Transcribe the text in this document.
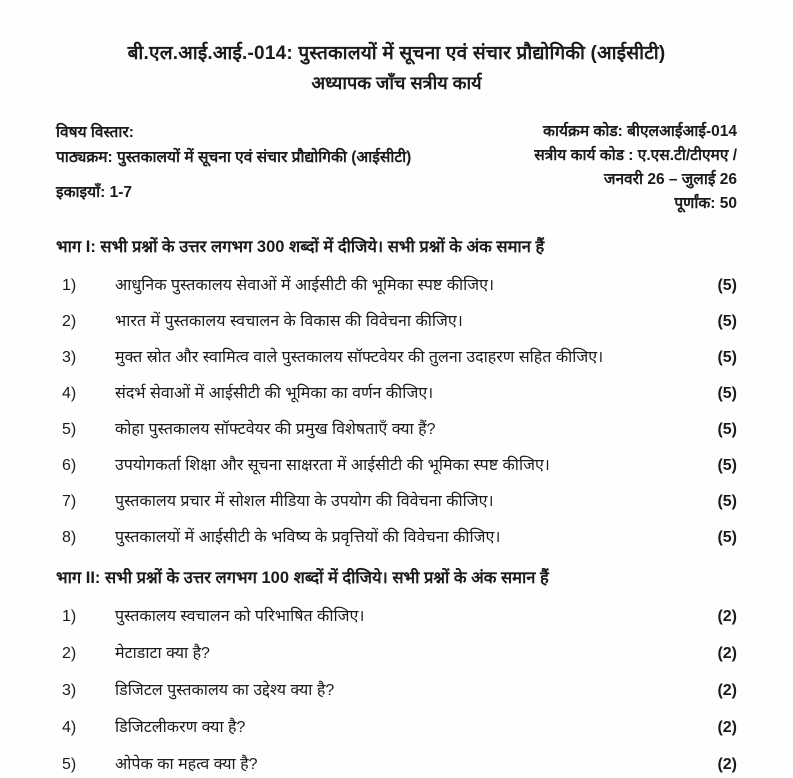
बी.एल.आई.आई.-014: पुस्तकालयों में सूचना एवं संचार प्रौद्योगिकी (आईसीटी)
अध्यापक जाँच सत्रीय कार्य
विषय विस्तार:
पाठ्यक्रम: पुस्तकालयों में सूचना एवं संचार प्रौद्योगिकी (आईसीटी)
इकाइयाँ: 1-7
कार्यक्रम कोड: बीएलआईआई-014
सत्रीय कार्य कोड : ए.एस.टी/टीएमए /
जनवरी 26 – जुलाई 26
पूर्णांक: 50
भाग I: सभी प्रश्नों के उत्तर लगभग 300 शब्दों में दीजिये। सभी प्रश्नों के अंक समान हैं
1)	आधुनिक पुस्तकालय सेवाओं में आईसीटी की भूमिका स्पष्ट कीजिए।	(5)
2)	भारत में पुस्तकालय स्वचालन के विकास की विवेचना कीजिए।	(5)
3)	मुक्त स्रोत और स्वामित्व वाले पुस्तकालय सॉफ्टवेयर की तुलना उदाहरण सहित कीजिए।	(5)
4)	संदर्भ सेवाओं में आईसीटी की भूमिका का वर्णन कीजिए।	(5)
5)	कोहा पुस्तकालय सॉफ्टवेयर की प्रमुख विशेषताएँ क्या हैं?	(5)
6)	उपयोगकर्ता शिक्षा और सूचना साक्षरता में आईसीटी की भूमिका स्पष्ट कीजिए।	(5)
7)	पुस्तकालय प्रचार में सोशल मीडिया के उपयोग की विवेचना कीजिए।	(5)
8)	पुस्तकालयों में आईसीटी के भविष्य के प्रवृत्तियों की विवेचना कीजिए।	(5)
भाग II: सभी प्रश्नों के उत्तर लगभग 100 शब्दों में दीजिये। सभी प्रश्नों के अंक समान हैं
1)	पुस्तकालय स्वचालन को परिभाषित कीजिए।	(2)
2)	मेटाडाटा क्या है?	(2)
3)	डिजिटल पुस्तकालय का उद्देश्य क्या है?	(2)
4)	डिजिटलीकरण क्या है?	(2)
5)	ओपेक का महत्व क्या है?	(2)
